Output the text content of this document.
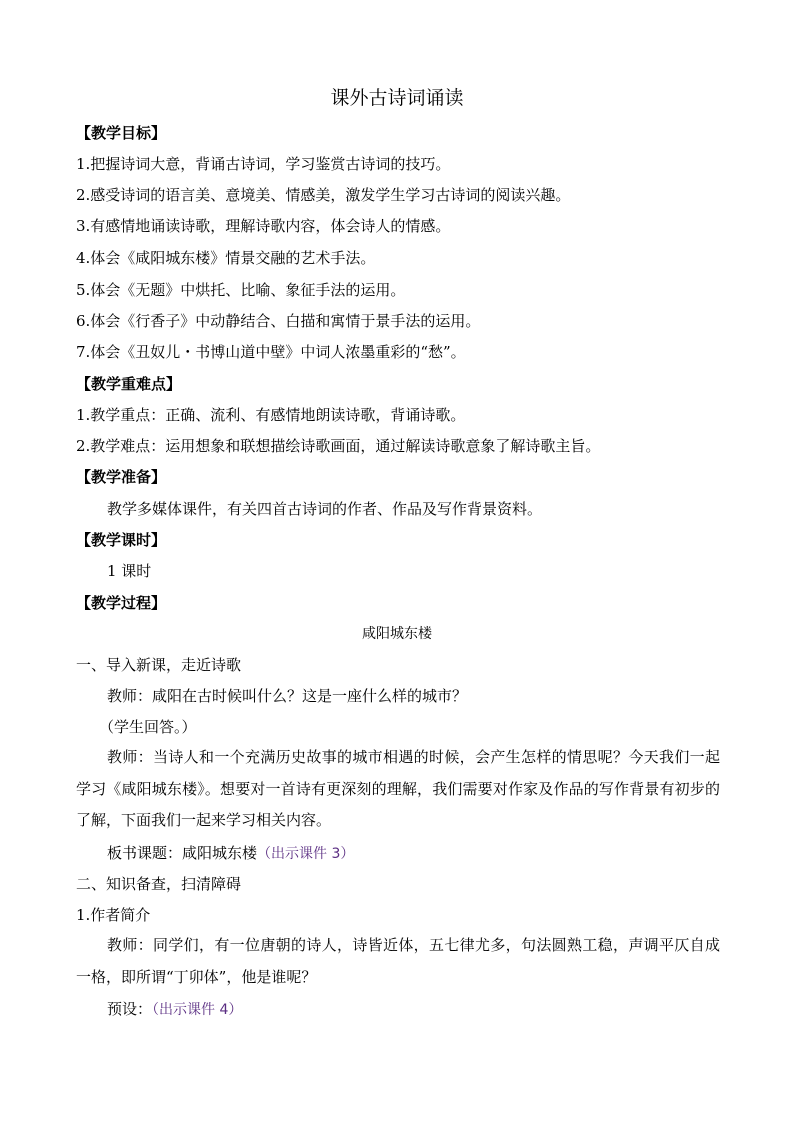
课外古诗词诵读
【教学目标】
1.把握诗词大意，背诵古诗词，学习鉴赏古诗词的技巧。
2.感受诗词的语言美、意境美、情感美，激发学生学习古诗词的阅读兴趣。
3.有感情地诵读诗歌，理解诗歌内容，体会诗人的情感。
4.体会《咸阳城东楼》情景交融的艺术手法。
5.体会《无题》中烘托、比喻、象征手法的运用。
6.体会《行香子》中动静结合、白描和寓情于景手法的运用。
7.体会《丑奴儿・书博山道中壁》中词人浓墨重彩的“愁”。
【教学重难点】
1.教学重点：正确、流利、有感情地朗读诗歌，背诵诗歌。
2.教学难点：运用想象和联想描绘诗歌画面，通过解读诗歌意象了解诗歌主旨。
【教学准备】
教学多媒体课件，有关四首古诗词的作者、作品及写作背景资料。
【教学课时】
1 课时
【教学过程】
咸阳城东楼
一、导入新课，走近诗歌
教师：咸阳在古时候叫什么？这是一座什么样的城市？
（学生回答。）
教师：当诗人和一个充满历史故事的城市相遇的时候，会产生怎样的情思呢？今天我们一起学习《咸阳城东楼》。想要对一首诗有更深刻的理解，我们需要对作家及作品的写作背景有初步的了解，下面我们一起来学习相关内容。
板书课题：咸阳城东楼（出示课件 3）
二、知识备查，扫清障碍
1.作者简介
教师：同学们，有一位唐朝的诗人，诗皆近体，五七律尤多，句法圆熟工稳，声调平仄自成一格，即所谓“丁卯体”，他是谁呢？
预设：（出示课件 4）
